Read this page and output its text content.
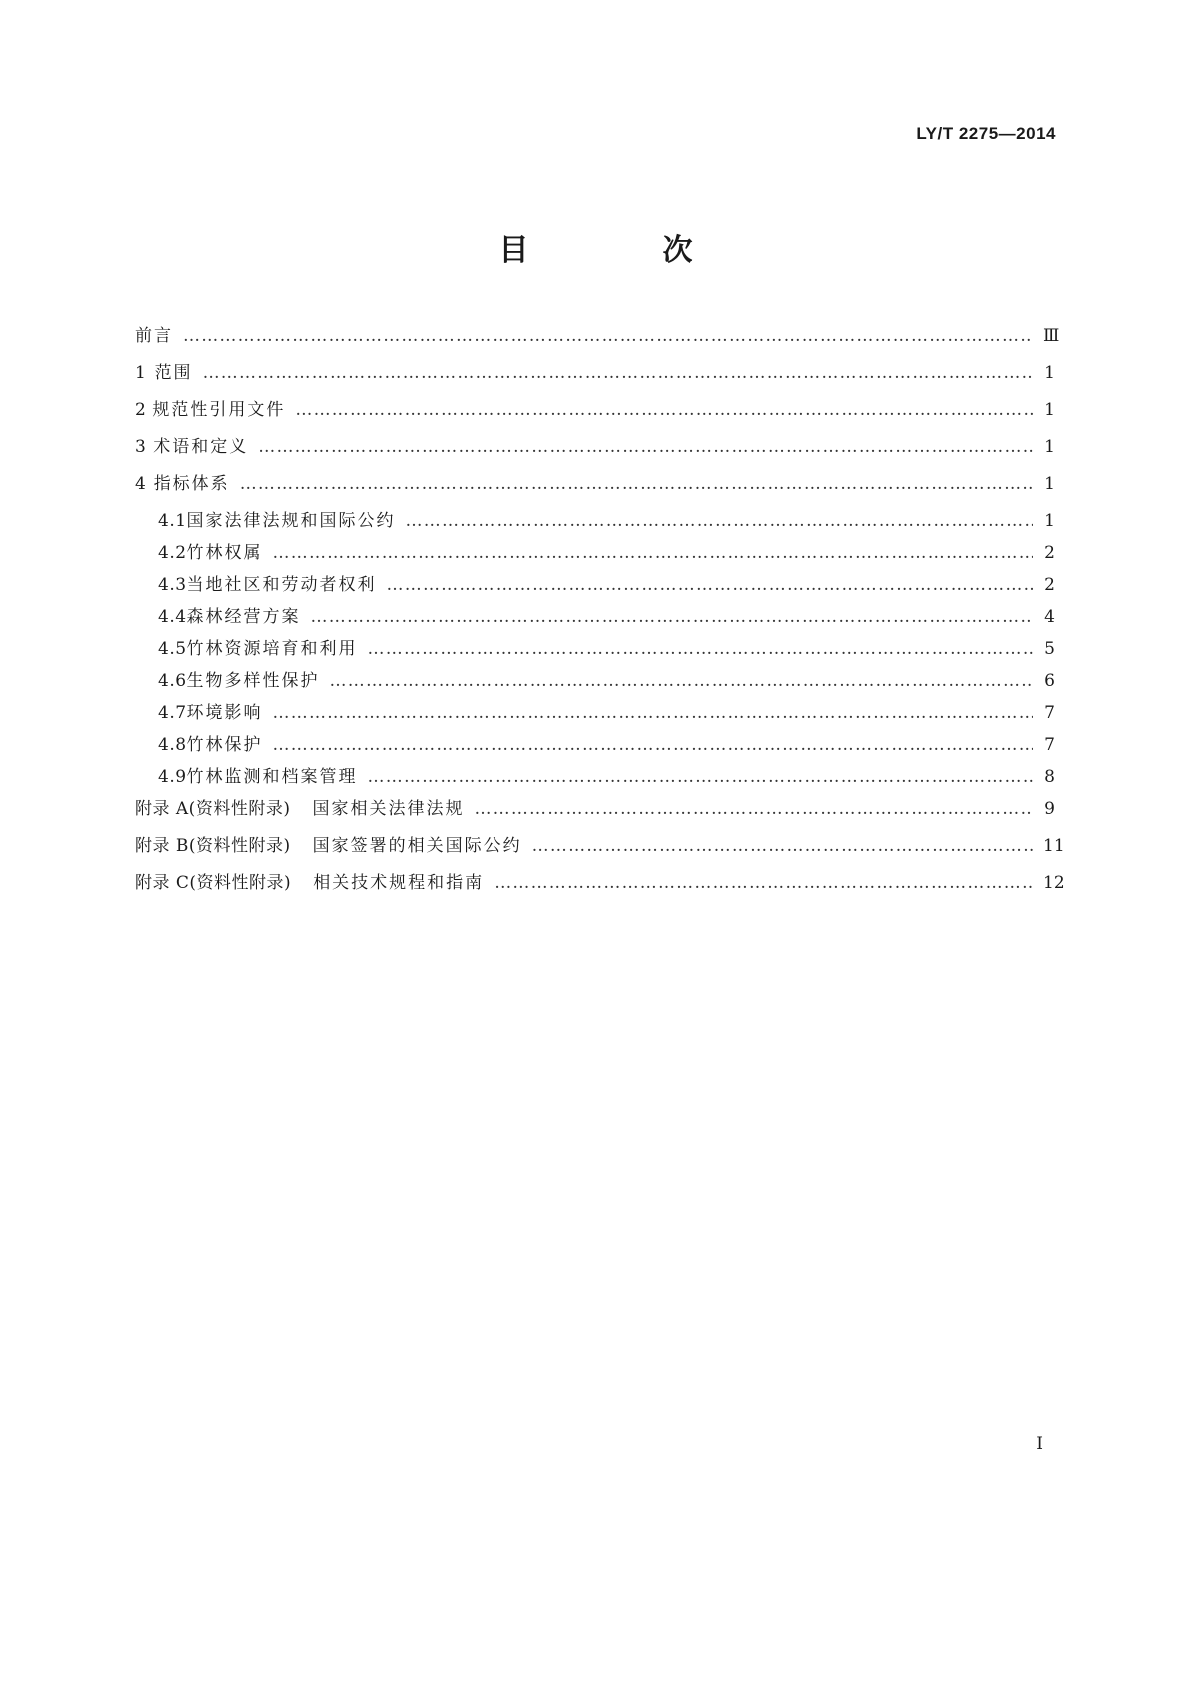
LY/T 2275—2014
目　次
前言 ……………………………………………………………………………………………………………………………………………………………………………………………………………	Ⅲ
1 范围 ……………………………………………………………………………………………………………………………………………………………………………………………………………	1
2 规范性引用文件 ……………………………………………………………………………………………………………………………………………………………………………………………………………	1
3 术语和定义 ……………………………………………………………………………………………………………………………………………………………………………………………………………	1
4 指标体系 ……………………………………………………………………………………………………………………………………………………………………………………………………………	1
4.1 国家法律法规和国际公约 ……………………………………………………………………………………………………………………………………………………………………………………………………………	1
4.2 竹林权属 ……………………………………………………………………………………………………………………………………………………………………………………………………………	2
4.3 当地社区和劳动者权利 ……………………………………………………………………………………………………………………………………………………………………………………………………………	2
4.4 森林经营方案 ……………………………………………………………………………………………………………………………………………………………………………………………………………	4
4.5 竹林资源培育和利用 ……………………………………………………………………………………………………………………………………………………………………………………………………………	5
4.6 生物多样性保护 ……………………………………………………………………………………………………………………………………………………………………………………………………………	6
4.7 环境影响 ……………………………………………………………………………………………………………………………………………………………………………………………………………	7
4.8 竹林保护 ……………………………………………………………………………………………………………………………………………………………………………………………………………	7
4.9 竹林监测和档案管理 ……………………………………………………………………………………………………………………………………………………………………………………………………………	8
附录 A(资料性附录) 国家相关法律法规 ……………………………………………………………………………………………………………………………………………………………………………………………………………	9
附录 B(资料性附录) 国家签署的相关国际公约 ……………………………………………………………………………………………………………………………………………………………………………………………………………	11
附录 C(资料性附录) 相关技术规程和指南 ……………………………………………………………………………………………………………………………………………………………………………………………………………	12
I
